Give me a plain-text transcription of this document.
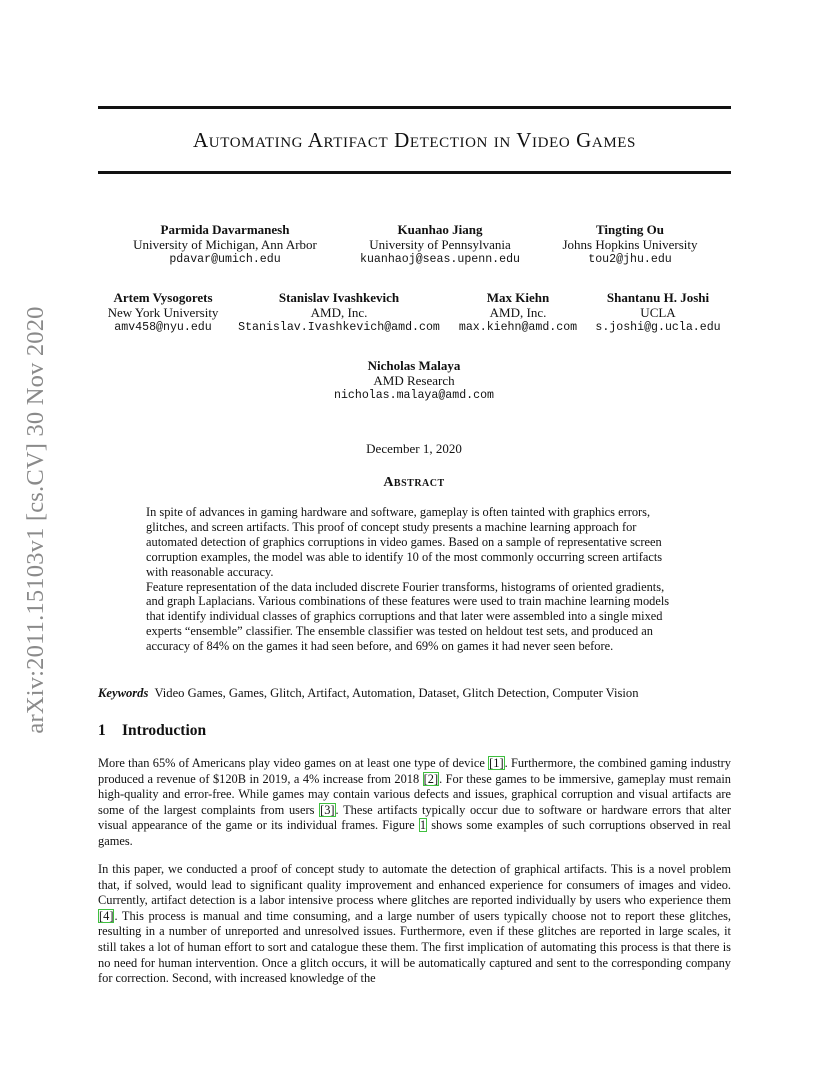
arXiv:2011.15103v1 [cs.CV] 30 Nov 2020
Automating Artifact Detection in Video Games
Parmida Davarmanesh
University of Michigan, Ann Arbor
pdavar@umich.edu
Kuanhao Jiang
University of Pennsylvania
kuanhaoj@seas.upenn.edu
Tingting Ou
Johns Hopkins University
tou2@jhu.edu
Artem Vysogorets
New York University
amv458@nyu.edu
Stanislav Ivashkevich
AMD, Inc.
Stanislav.Ivashkevich@amd.com
Max Kiehn
AMD, Inc.
max.kiehn@amd.com
Shantanu H. Joshi
UCLA
s.joshi@g.ucla.edu
Nicholas Malaya
AMD Research
nicholas.malaya@amd.com
December 1, 2020
Abstract

In spite of advances in gaming hardware and software, gameplay is often tainted with graphics errors, glitches, and screen artifacts. This proof of concept study presents a machine learning approach for automated detection of graphics corruptions in video games. Based on a sample of representative screen corruption examples, the model was able to identify 10 of the most commonly occurring screen artifacts with reasonable accuracy.

Feature representation of the data included discrete Fourier transforms, histograms of oriented gradients, and graph Laplacians. Various combinations of these features were used to train machine learning models that identify individual classes of graphics corruptions and that later were assembled into a single mixed experts “ensemble” classifier. The ensemble classifier was tested on heldout test sets, and produced an accuracy of 84% on the games it had seen before, and 69% on games it had never seen before.

Keywords Video Games, Games, Glitch, Artifact, Automation, Dataset, Glitch Detection, Computer Vision
1 Introduction

More than 65% of Americans play video games on at least one type of device [1]. Furthermore, the combined gaming industry produced a revenue of $120B in 2019, a 4% increase from 2018 [2]. For these games to be immersive, gameplay must remain high-quality and error-free. While games may contain various defects and issues, graphical corruption and visual artifacts are some of the largest complaints from users [3]. These artifacts typically occur due to software or hardware errors that alter visual appearance of the game or its individual frames. Figure 1 shows some examples of such corruptions observed in real games.

In this paper, we conducted a proof of concept study to automate the detection of graphical artifacts. This is a novel problem that, if solved, would lead to significant quality improvement and enhanced experience for consumers of images and video. Currently, artifact detection is a labor intensive process where glitches are reported individually by users who experience them [4]. This process is manual and time consuming, and a large number of users typically choose not to report these glitches, resulting in a number of unreported and unresolved issues. Furthermore, even if these glitches are reported in large scales, it still takes a lot of human effort to sort and catalogue these them. The first implication of automating this process is that there is no need for human intervention. Once a glitch occurs, it will be automatically captured and sent to the corresponding company for correction. Second, with increased knowledge of the
